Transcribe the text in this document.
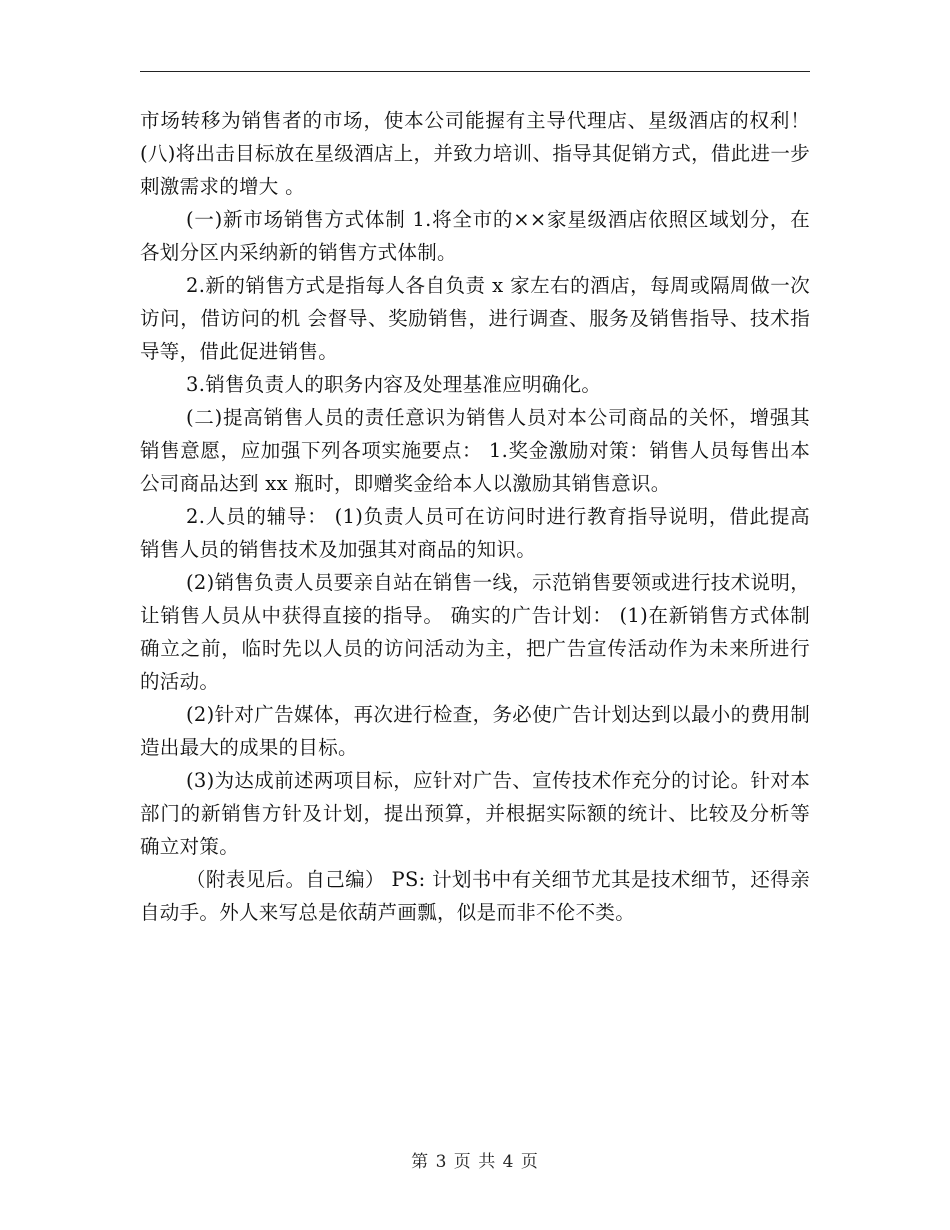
市场转移为销售者的市场，使本公司能握有主导代理店、星级酒店的权利！(八)将出击目标放在星级酒店上，并致力培训、指导其促销方式，借此进一步刺激需求的增大 。

(一)新市场销售方式体制 1.将全市的××家星级酒店依照区域划分，在各划分区内采纳新的销售方式体制。

2.新的销售方式是指每人各自负责 x 家左右的酒店，每周或隔周做一次访问，借访问的机 会督导、奖励销售，进行调查、服务及销售指导、技术指导等，借此促进销售。

3.销售负责人的职务内容及处理基准应明确化。

(二)提高销售人员的责任意识为销售人员对本公司商品的关怀，增强其销售意愿，应加强下列各项实施要点： 1.奖金激励对策：销售人员每售出本公司商品达到 xx 瓶时，即赠奖金给本人以激励其销售意识。

2.人员的辅导： (1)负责人员可在访问时进行教育指导说明，借此提高销售人员的销售技术及加强其对商品的知识。

(2)销售负责人员要亲自站在销售一线，示范销售要领或进行技术说明，让销售人员从中获得直接的指导。 确实的广告计划： (1)在新销售方式体制确立之前，临时先以人员的访问活动为主，把广告宣传活动作为未来所进行的活动。

(2)针对广告媒体，再次进行检查，务必使广告计划达到以最小的费用制造出最大的成果的目标。

(3)为达成前述两项目标，应针对广告、宣传技术作充分的讨论。针对本部门的新销售方针及计划，提出预算，并根据实际额的统计、比较及分析等确立对策。

（附表见后。自己编） PS: 计划书中有关细节尤其是技术细节，还得亲自动手。外人来写总是依葫芦画瓢，似是而非不伦不类。

第 3 页 共 4 页
